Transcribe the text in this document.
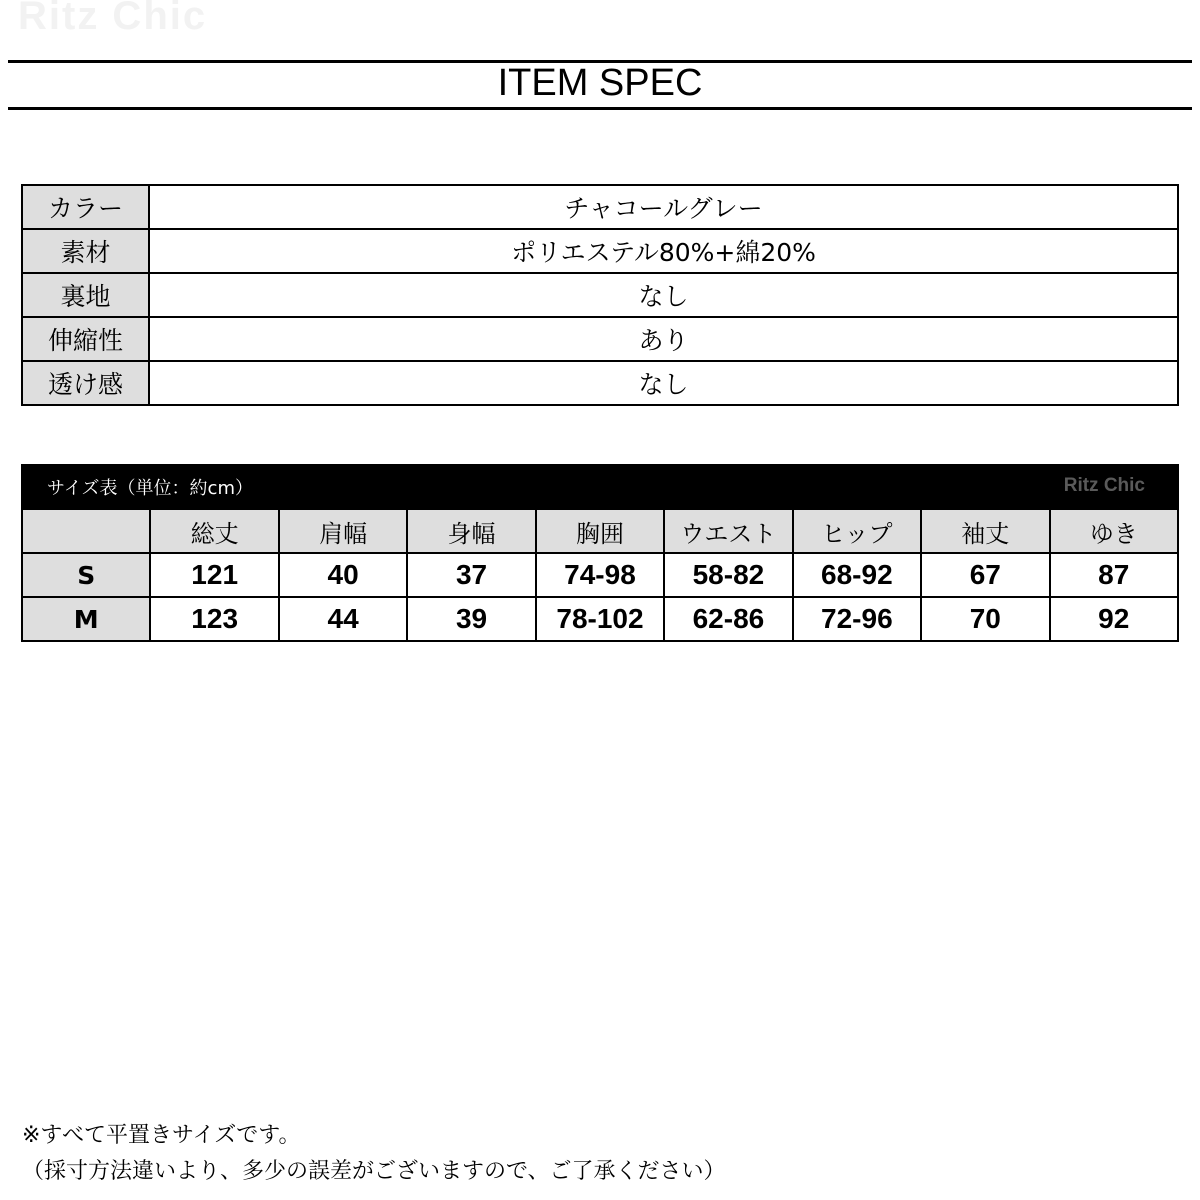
Ritz Chic
ITEM SPEC
カラー	チャコールグレー
素材	ポリエステル80%+綿20%
裏地	なし
伸縮性	あり
透け感	なし
サイズ表（単位：約cm）	Ritz Chic
	総丈	肩幅	身幅	胸囲	ウエスト	ヒップ	袖丈	ゆき
S	121	40	37	74-98	58-82	68-92	67	87
M	123	44	39	78-102	62-86	72-96	70	92
※すべて平置きサイズです。
（採寸方法違いより、多少の誤差がございますので、ご了承ください）
